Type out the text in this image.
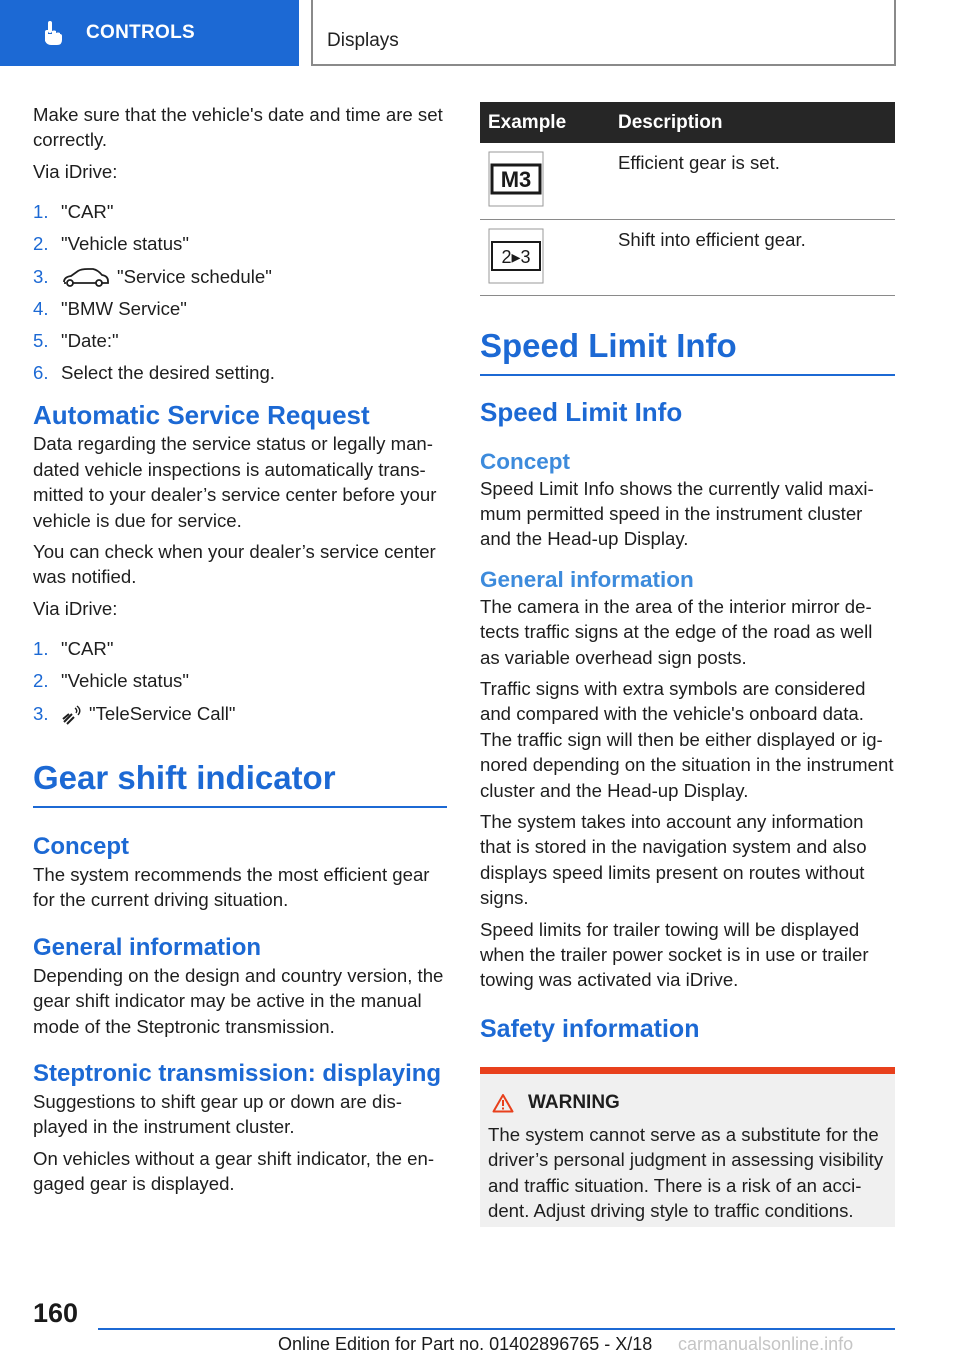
CONTROLS	Displays

Make sure that the vehicle's date and time are set correctly.

Via iDrive:

1. "CAR"
2. "Vehicle status"
3.	"Service schedule"
4. "BMW Service"
5. "Date:"
6. Select the desired setting.
Automatic Service Request

Data regarding the service status or legally mandated vehicle inspections is automatically transmitted to your dealer’s service center before your vehicle is due for service.

You can check when your dealer’s service center was notified.

Via iDrive:

1. "CAR"
2. "Vehicle status"
3. "TeleService Call"
Gear shift indicator
Concept

The system recommends the most efficient gear for the current driving situation.

General information

Depending on the design and country version, the gear shift indicator may be active in the manual mode of the Steptronic transmission.

Steptronic transmission: displaying

Suggestions to shift gear up or down are displayed in the instrument cluster.

On vehicles without a gear shift indicator, the engaged gear is displayed.

Example	Description

M3	Efficient gear is set.

2▸3	Shift into efficient gear.
Speed Limit Info
Speed Limit Info
Concept

Speed Limit Info shows the currently valid maximum permitted speed in the instrument cluster and the Head-up Display.

General information

The camera in the area of the interior mirror detects traffic signs at the edge of the road as well as variable overhead sign posts.

Traffic signs with extra symbols are considered and compared with the vehicle's onboard data. The traffic sign will then be either displayed or ignored depending on the situation in the instrument cluster and the Head-up Display.

The system takes into account any information that is stored in the navigation system and also displays speed limits present on routes without signs.

Speed limits for trailer towing will be displayed when the trailer power socket is in use or trailer towing was activated via iDrive.

Safety information
WARNING

The system cannot serve as a substitute for the driver’s personal judgment in assessing visibility and traffic situation. There is a risk of an accident. Adjust driving style to traffic conditions.

160
Online Edition for Part no. 01402896765 - X/18 carmanualsonline.info
